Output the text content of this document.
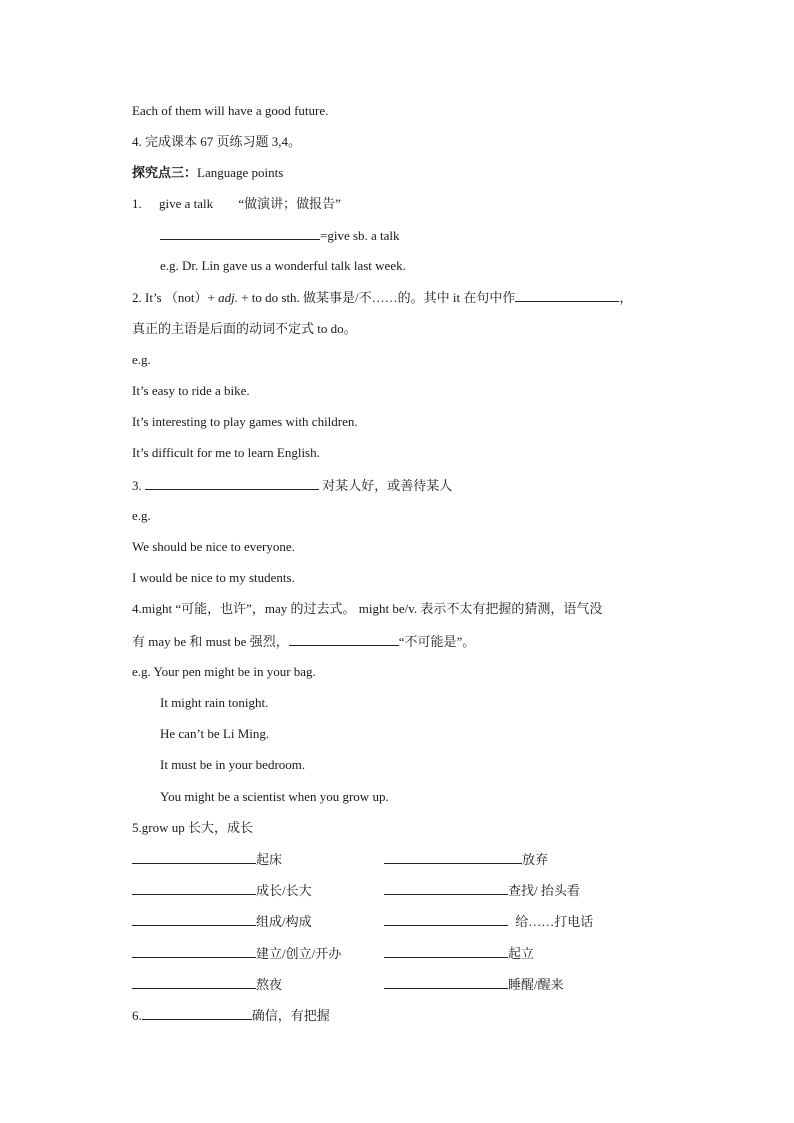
Each of them will have a good future.
4. 完成课本 67 页练习题 3,4。
探究点三：Language points
1. give a talk “做演讲；做报告”
=give sb. a talk
e.g. Dr. Lin gave us a wonderful talk last week.
2. It’s （not）+ adj. + to do sth. 做某事是/不……的。其中 it 在句中作	，
真正的主语是后面的动词不定式 to do。
e.g.
It’s easy to ride a bike.
It’s interesting to play games with children.
It’s difficult for me to learn English.
3.	对某人好，或善待某人
e.g.
We should be nice to everyone.
I would be nice to my students.
4.might “可能，也许”，may 的过去式。 might be/v. 表示不太有把握的猜测，语气没
有 may be 和 must be 强烈，	“不可能是”。
e.g. Your pen might be in your bag.
It might rain tonight.
He can’t be Li Ming.
It must be in your bedroom.
You might be a scientist when you grow up.
5.grow up 长大，成长
起床	放弃
成长/长大	查找/ 抬头看
组成/构成	给……打电话
建立/创立/开办	起立
熬夜	睡醒/醒来
6.	确信，有把握
